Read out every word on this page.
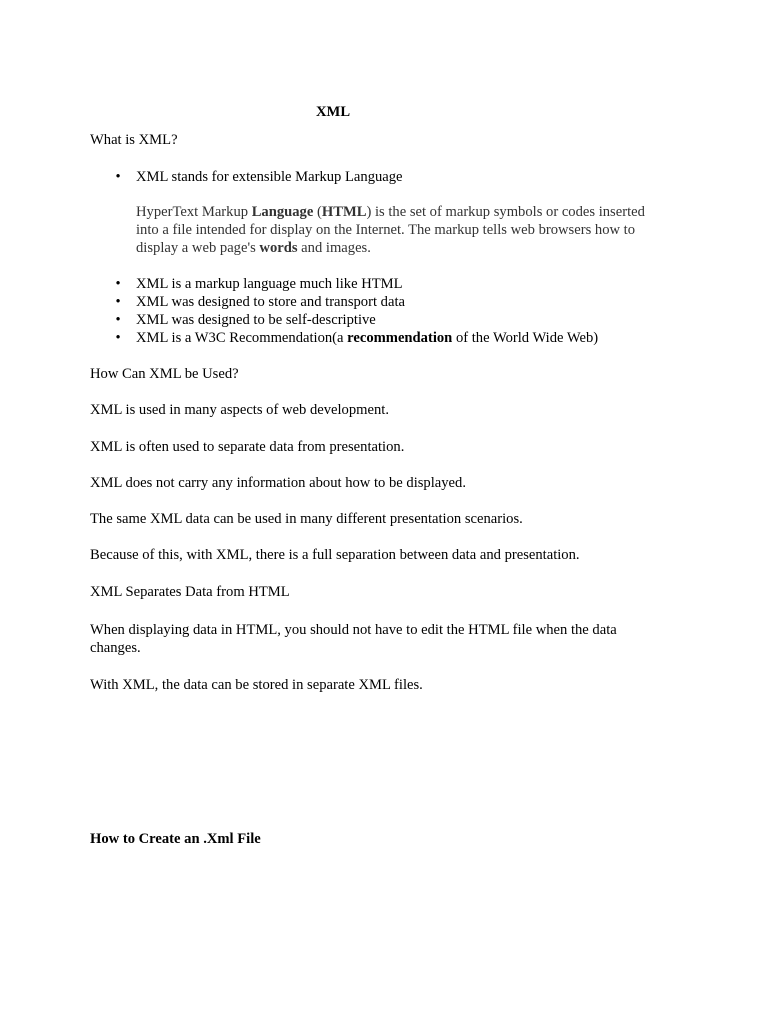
XML

What is XML?

• XML stands for extensible Markup Language

HyperText Markup Language (HTML) is the set of markup symbols or codes inserted into a file intended for display on the Internet. The markup tells web browsers how to display a web page's words and images.

• XML is a markup language much like HTML
• XML was designed to store and transport data
• XML was designed to be self-descriptive
• XML is a W3C Recommendation(a recommendation of the World Wide Web)

How Can XML be Used?

XML is used in many aspects of web development.

XML is often used to separate data from presentation.

XML does not carry any information about how to be displayed.

The same XML data can be used in many different presentation scenarios.

Because of this, with XML, there is a full separation between data and presentation.

XML Separates Data from HTML

When displaying data in HTML, you should not have to edit the HTML file when the data changes.

With XML, the data can be stored in separate XML files.

How to Create an .Xml File
